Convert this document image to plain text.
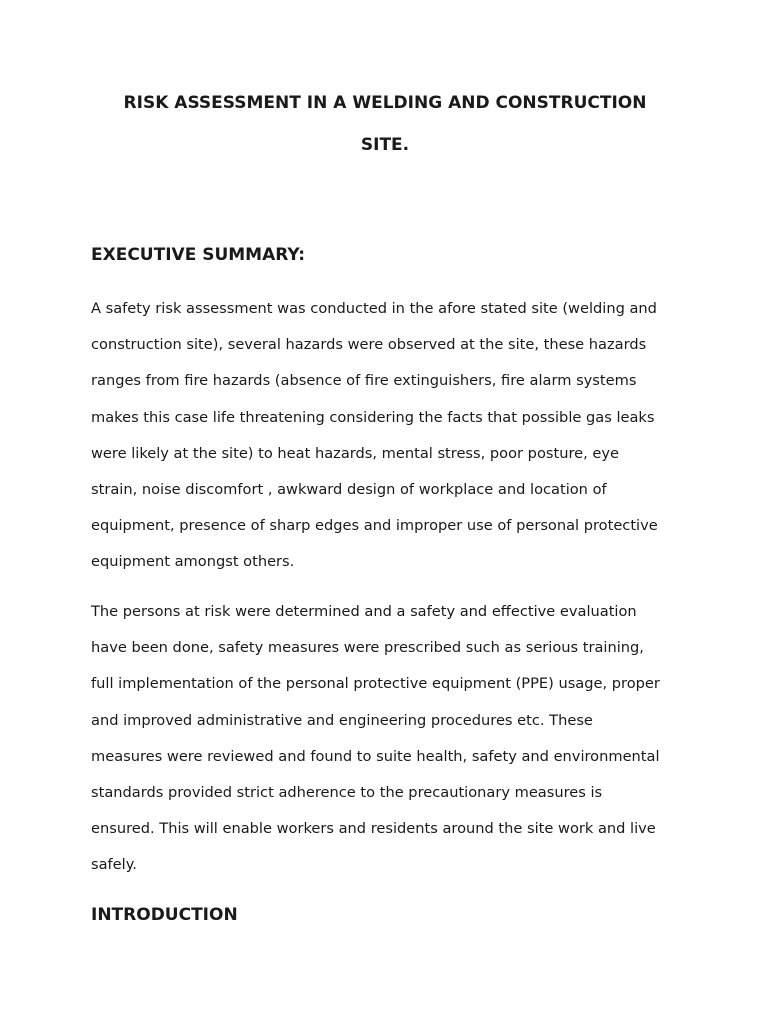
RISK ASSESSMENT IN A WELDING AND CONSTRUCTION
SITE.
EXECUTIVE SUMMARY:

A safety risk assessment was conducted in the afore stated site (welding and
construction site), several hazards were observed at the site, these hazards
ranges from fire hazards (absence of fire extinguishers, fire alarm systems
makes this case life threatening considering the facts that possible gas leaks
were likely at the site) to heat hazards, mental stress, poor posture, eye
strain, noise discomfort , awkward design of workplace and location of
equipment, presence of sharp edges and improper use of personal protective
equipment amongst others.

The persons at risk were determined and a safety and effective evaluation
have been done, safety measures were prescribed such as serious training,
full implementation of the personal protective equipment (PPE) usage, proper
and improved administrative and engineering procedures etc. These
measures were reviewed and found to suite health, safety and environmental
standards provided strict adherence to the precautionary measures is
ensured. This will enable workers and residents around the site work and live
safely.

INTRODUCTION
